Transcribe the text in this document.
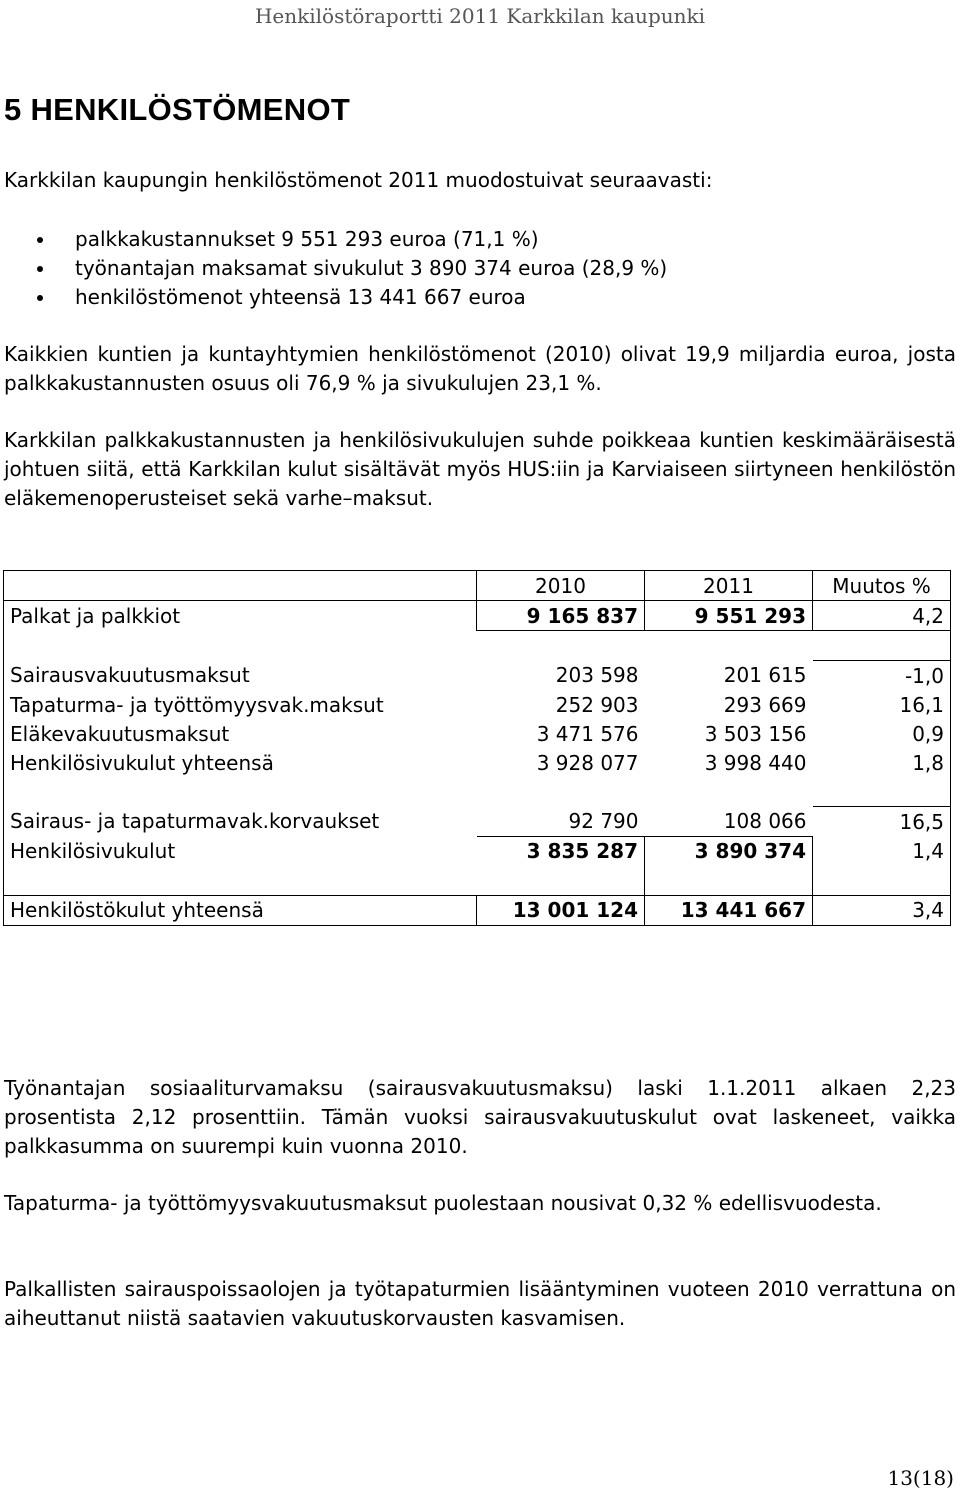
Henkilöstöraportti 2011 Karkkilan kaupunki
5 HENKILÖSTÖMENOT

Karkkilan kaupungin henkilöstömenot 2011 muodostuivat seuraavasti:

palkkakustannukset 9 551 293 euroa (71,1 %)
työnantajan maksamat sivukulut 3 890 374 euroa (28,9 %)
henkilöstömenot yhteensä 13 441 667 euroa

Kaikkien kuntien ja kuntayhtymien henkilöstömenot (2010) olivat 19,9 miljardia euroa, josta palkkakustannusten osuus oli 76,9 % ja sivukulujen 23,1 %.

Karkkilan palkkakustannusten ja henkilösivukulujen suhde poikkeaa kuntien keskimääräisestä johtuen siitä, että Karkkilan kulut sisältävät myös HUS:iin ja Karviaiseen siirtyneen henkilöstön eläkemenoperusteiset sekä varhe–maksut.

	2010	2011	Muutos %
Palkat ja palkkiot	9 165 837	9 551 293	4,2

Sairausvakuutusmaksut	203 598	201 615	-1,0
Tapaturma- ja työttömyysvak.maksut	252 903	293 669	16,1
Eläkevakuutusmaksut	3 471 576	3 503 156	0,9
Henkilösivukulut yhteensä	3 928 077	3 998 440	1,8

Sairaus- ja tapaturmavak.korvaukset	92 790	108 066	16,5
Henkilösivukulut	3 835 287	3 890 374	1,4

Henkilöstökulut yhteensä	13 001 124	13 441 667	3,4

Työnantajan sosiaaliturvamaksu (sairausvakuutusmaksu) laski 1.1.2011 alkaen 2,23 prosentista 2,12 prosenttiin. Tämän vuoksi sairausvakuutuskulut ovat laskeneet, vaikka palkkasumma on suurempi kuin vuonna 2010.

Tapaturma- ja työttömyysvakuutusmaksut puolestaan nousivat 0,32 % edellisvuodesta.

Palkallisten sairauspoissaolojen ja työtapaturmien lisääntyminen vuoteen 2010 verrattuna on aiheuttanut niistä saatavien vakuutuskorvausten kasvamisen.

13(18)
